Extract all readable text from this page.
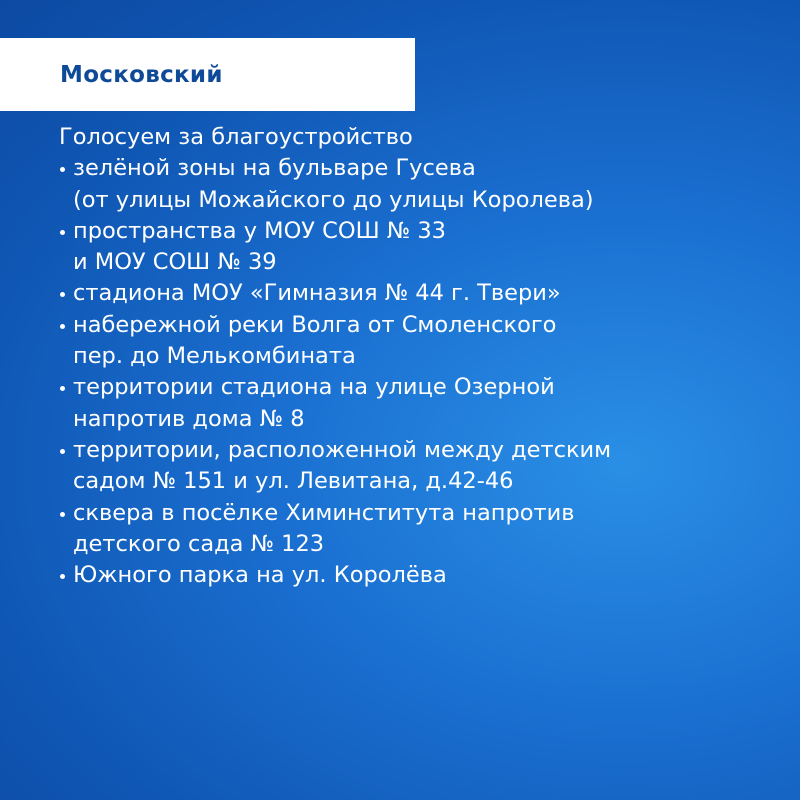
Московский
Голосуем за благоустройство
зелёной зоны на бульваре Гусева
(от улицы Можайского до улицы Королева)
пространства у МОУ СОШ № 33
и МОУ СОШ № 39
стадиона МОУ «Гимназия № 44 г. Твери»
набережной реки Волга от Смоленского
пер. до Мелькомбината
территории стадиона на улице Озерной
напротив дома № 8
территории, расположенной между детским
садом № 151 и ул. Левитана, д.42-46
сквера в посёлке Химинститута напротив
детского сада № 123
Южного парка на ул. Королёва
